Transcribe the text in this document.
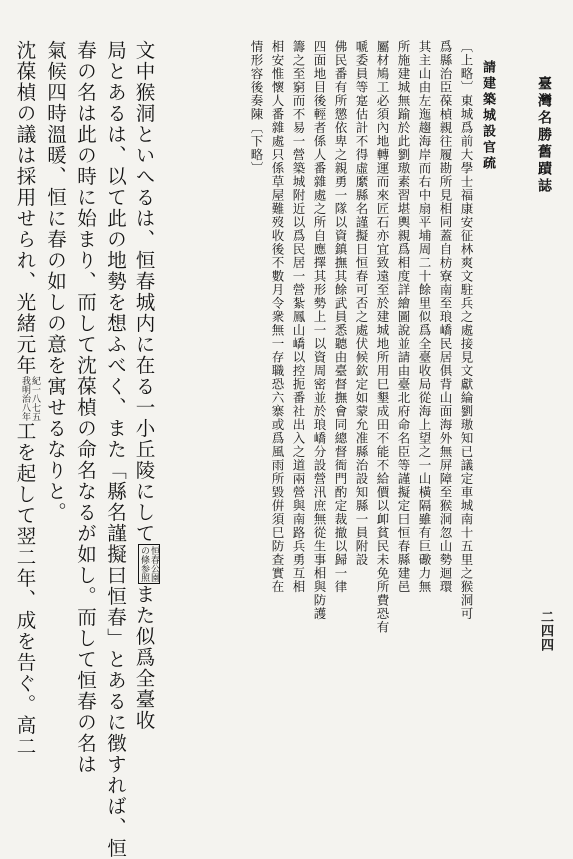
臺灣名勝舊蹟誌
二四四
請建築城設官疏
〔上略〕東城爲前大學士福康安征林爽文駐兵之處接見文獻綸劉璈知已議定車城南十五里之猴洞可
爲縣治臣葆楨親往履勘所見相同蓋自枋寮南至琅嶠民居俱背山面海外無屏障至猴洞忽山勢迴環
其主山由左迤趨海岸而右中扇平埔周二十餘里似爲全臺收局從海上望之一山橫隔雖有巨礮力無
所施建城無踰於此劉璈素習堪輿親爲相度詳繪圖說並請由臺北府命名臣等謹擬定曰恒春縣建邑
屬材鳩工必須內地轉運而來匠石亦宜致遠至於建城地所用巳墾成田不能不給價以卹貧民未免所費恐有
嗁委員等寔估計不得虛縻縣名謹擬日恒春可否之處伏候欽定如蒙允准縣治設知縣一員附設
佛民番有所懲依卑之親勇一隊以資鎮撫其餘武員悉聽由臺督撫會同總督衙門酌定裁撤以歸一律
四面地目後輕者係人番雜處之所自應擇其形勢上一以資周密並於琅嶠分設營汛庶無從生事相與防護
籌之至窮而不易一營築城附近以爲民居一營紮鳳山嶠以控扼番社出入之道兩營與南路兵勇互相
相安惟懷人番雜處只係草屋難歿收後不數月令衆無一存職恐六寨或爲風雨所毀倂須巳防查實在
情形容後奏陳〔下略〕
文中猴洞といへるは、恒春城内に在る一小丘陵にして
恒春公園
の條参照
また似爲全臺收
局とあるは、以て此の地勢を想ふべく、また「縣名謹擬曰恒春」とあるに徴すれば、恒
春の名は此の時に始まり、而して沈葆楨の命名なるが如し。而して恒春の名は
氣候四時溫暖、恒に春の如しの意を寓せるなりと。
沈葆楨の議は採用せられ、光緒元年
紀一八七五
我明治八年
工を起して翌二年、成を告ぐ。高二
